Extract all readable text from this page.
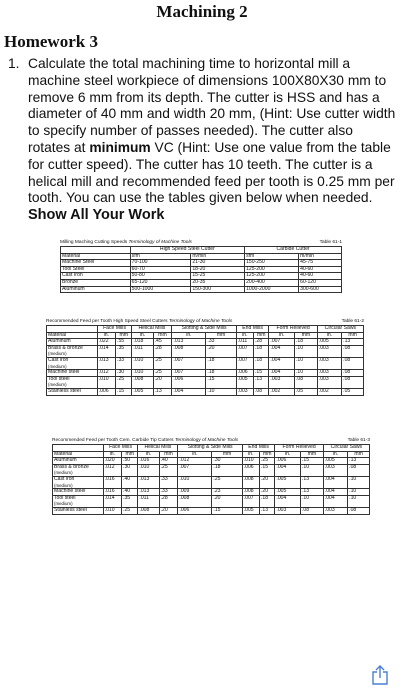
Machining 2
Homework 3
1. Calculate the total machining time to horizontal mill a machine steel workpiece of dimensions 100X80X30 mm to remove 6 mm from its depth. The cutter is HSS and has a diameter of 40 mm and width 20 mm, (Hint: Use cutter width to specify number of passes needed). The cutter also rotates at minimum VC (Hint: Use one value from the table for cutter speed). The cutter has 10 teeth. The cutter is a helical mill and recommended feed per tooth is 0.25 mm per tooth. You can use the tables given below when needed. Show All Your Work
Milling Maching Cutting Speeds Terminology of Machine Tools	Table 61-1
	High Speed Steel Cutter		Carbide Cutter	
Material	sfm	m/min	sfm	m/min
Machine Steel	70-100	21-30	150-250	45-75
Tool Steel	60-70	18-20	125-200	40-60
Cast Iron	50-80	15-25	125-200	40-60
Bronze	65-120	20-35	200-400	60-120
Aluminum	500-1000	150-300	1000-2000	300-600
Recommended Feed per Tooth High Speed Steel Cutters Terminology of Machine Tools	Table 61-2
	Face Mills		Helical Mills		Slotting & Side Mills		End Mills		Form Relieved		Circular Saws	
Material	in.	mm	in.	mm	in.	mm	in.	mm	in.	mm	in.	mm

Aluminum	.022	.55	.018	.45	.013	.33	.011	.28	.007	.18	.005	.13

Brass & bronze
(medium)	.014	.35	.011	.28	.008	.20	.007	.18	.004	.10	.003	.08

Cast iron
(medium)	.013	.33	.010	.25	.007	.18	.007	.18	.004	.10	.003	.08

Machine steel	.012	.30	.010	.25	.007	.18	.006	.15	.004	.10	.003	.08

Tool steel
(medium)	.010	.25	.008	.20	.006	.15	.005	.13	.003	.08	.003	.08

Stainless steel	.006	.15	.005	.13	.004	.10	.003	.08	.002	.05	.002	.05
Recommended Feed per Tooth Cem. Carbide Tip Cutters Terminology of Machine Tools	Table 61-3
	Face Mills		Helical Mills		Slotting & Side Mills		End Mills		Form Relieved		Circular Saws	
Material	in.	mm	in.	mm	in.	mm	in.	mm	in.	mm	in.	mm

Aluminum	.020	.50	.016	.40	.012	.30	.010	.25	.006	.15	.005	.13

Brass & bronze
(medium)	.012	.30	.010	.25	.007	.18	.006	.15	.004	.10	.003	.08

Cast iron
(medium)	.016	.40	.013	.33	.010	.25	.008	.20	.005	.13	.004	.10

Machine steel	.016	.40	.013	.33	.009	.23	.008	.20	.005	.13	.004	.10

Tool steel
(medium)	.014	.35	.011	.28	.008	.20	.007	.18	.004	.10	.004	.10

Stainless steel	.010	.25	.008	.20	.006	.15	.005	.13	.003	.08	.003	.08
